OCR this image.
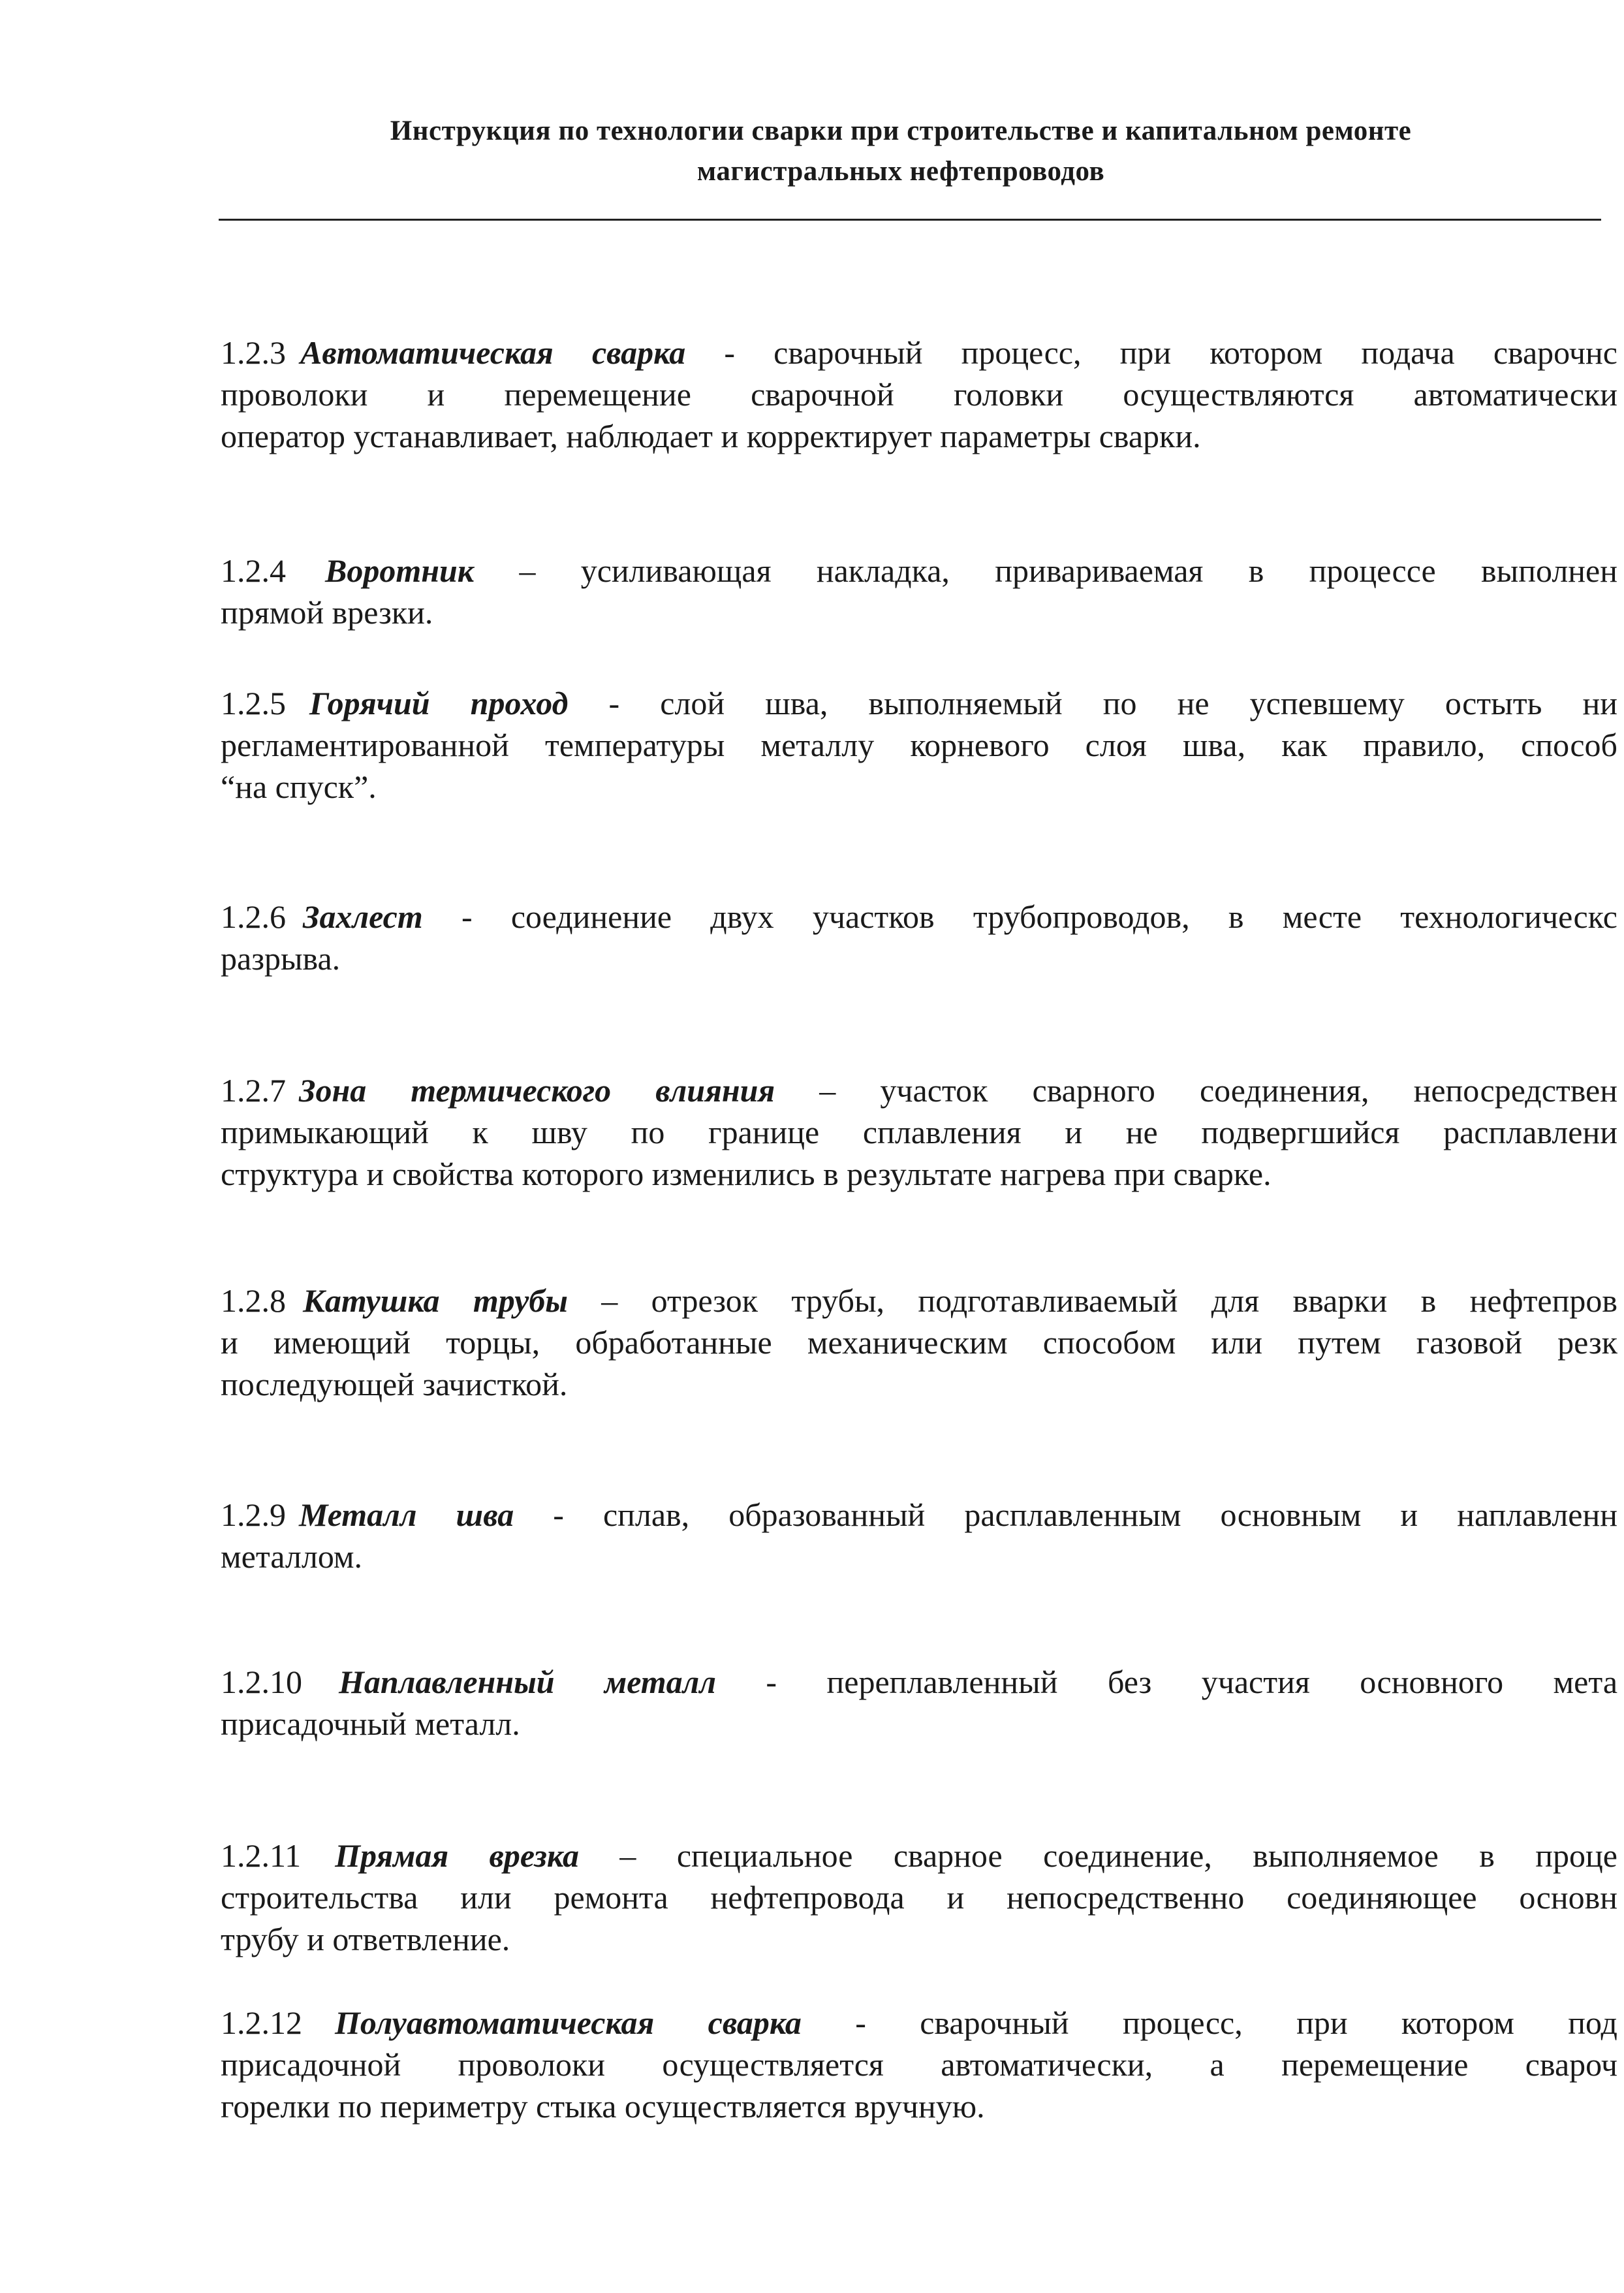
Инструкция по технологии сварки при строительстве и капитальном ремонте
магистральных нефтепроводов
1.2.3 Автоматическая сварка - сварочный процесс, при котором подача сварочнс
проволоки и перемещение сварочной головки осуществляются автоматически
оператор устанавливает, наблюдает и корректирует параметры сварки.
1.2.4 Воротник – усиливающая накладка, привариваемая в процессе выполнен
прямой врезки.
1.2.5 Горячий проход - слой шва, выполняемый по не успевшему остыть ни
регламентированной температуры металлу корневого слоя шва, как правило, способ
“на спуск”.
1.2.6 Захлест - соединение двух участков трубопроводов, в месте технологическс
разрыва.
1.2.7 Зона термического влияния – участок сварного соединения, непосредствен
примыкающий к шву по границе сплавления и не подвергшийся расплавлени
структура и свойства которого изменились в результате нагрева при сварке.
1.2.8 Катушка трубы – отрезок трубы, подготавливаемый для вварки в нефтепров
и имеющий торцы, обработанные механическим способом или путем газовой резк
последующей зачисткой.
1.2.9 Металл шва - сплав, образованный расплавленным основным и наплавленн
металлом.
1.2.10 Наплавленный металл - переплавленный без участия основного мета
присадочный металл.
1.2.11 Прямая врезка – специальное сварное соединение, выполняемое в проце
строительства или ремонта нефтепровода и непосредственно соединяющее основн
трубу и ответвление.
1.2.12 Полуавтоматическая сварка - сварочный процесс, при котором под
присадочной проволоки осуществляется автоматически, а перемещение свароч
горелки по периметру стыка осуществляется вручную.
